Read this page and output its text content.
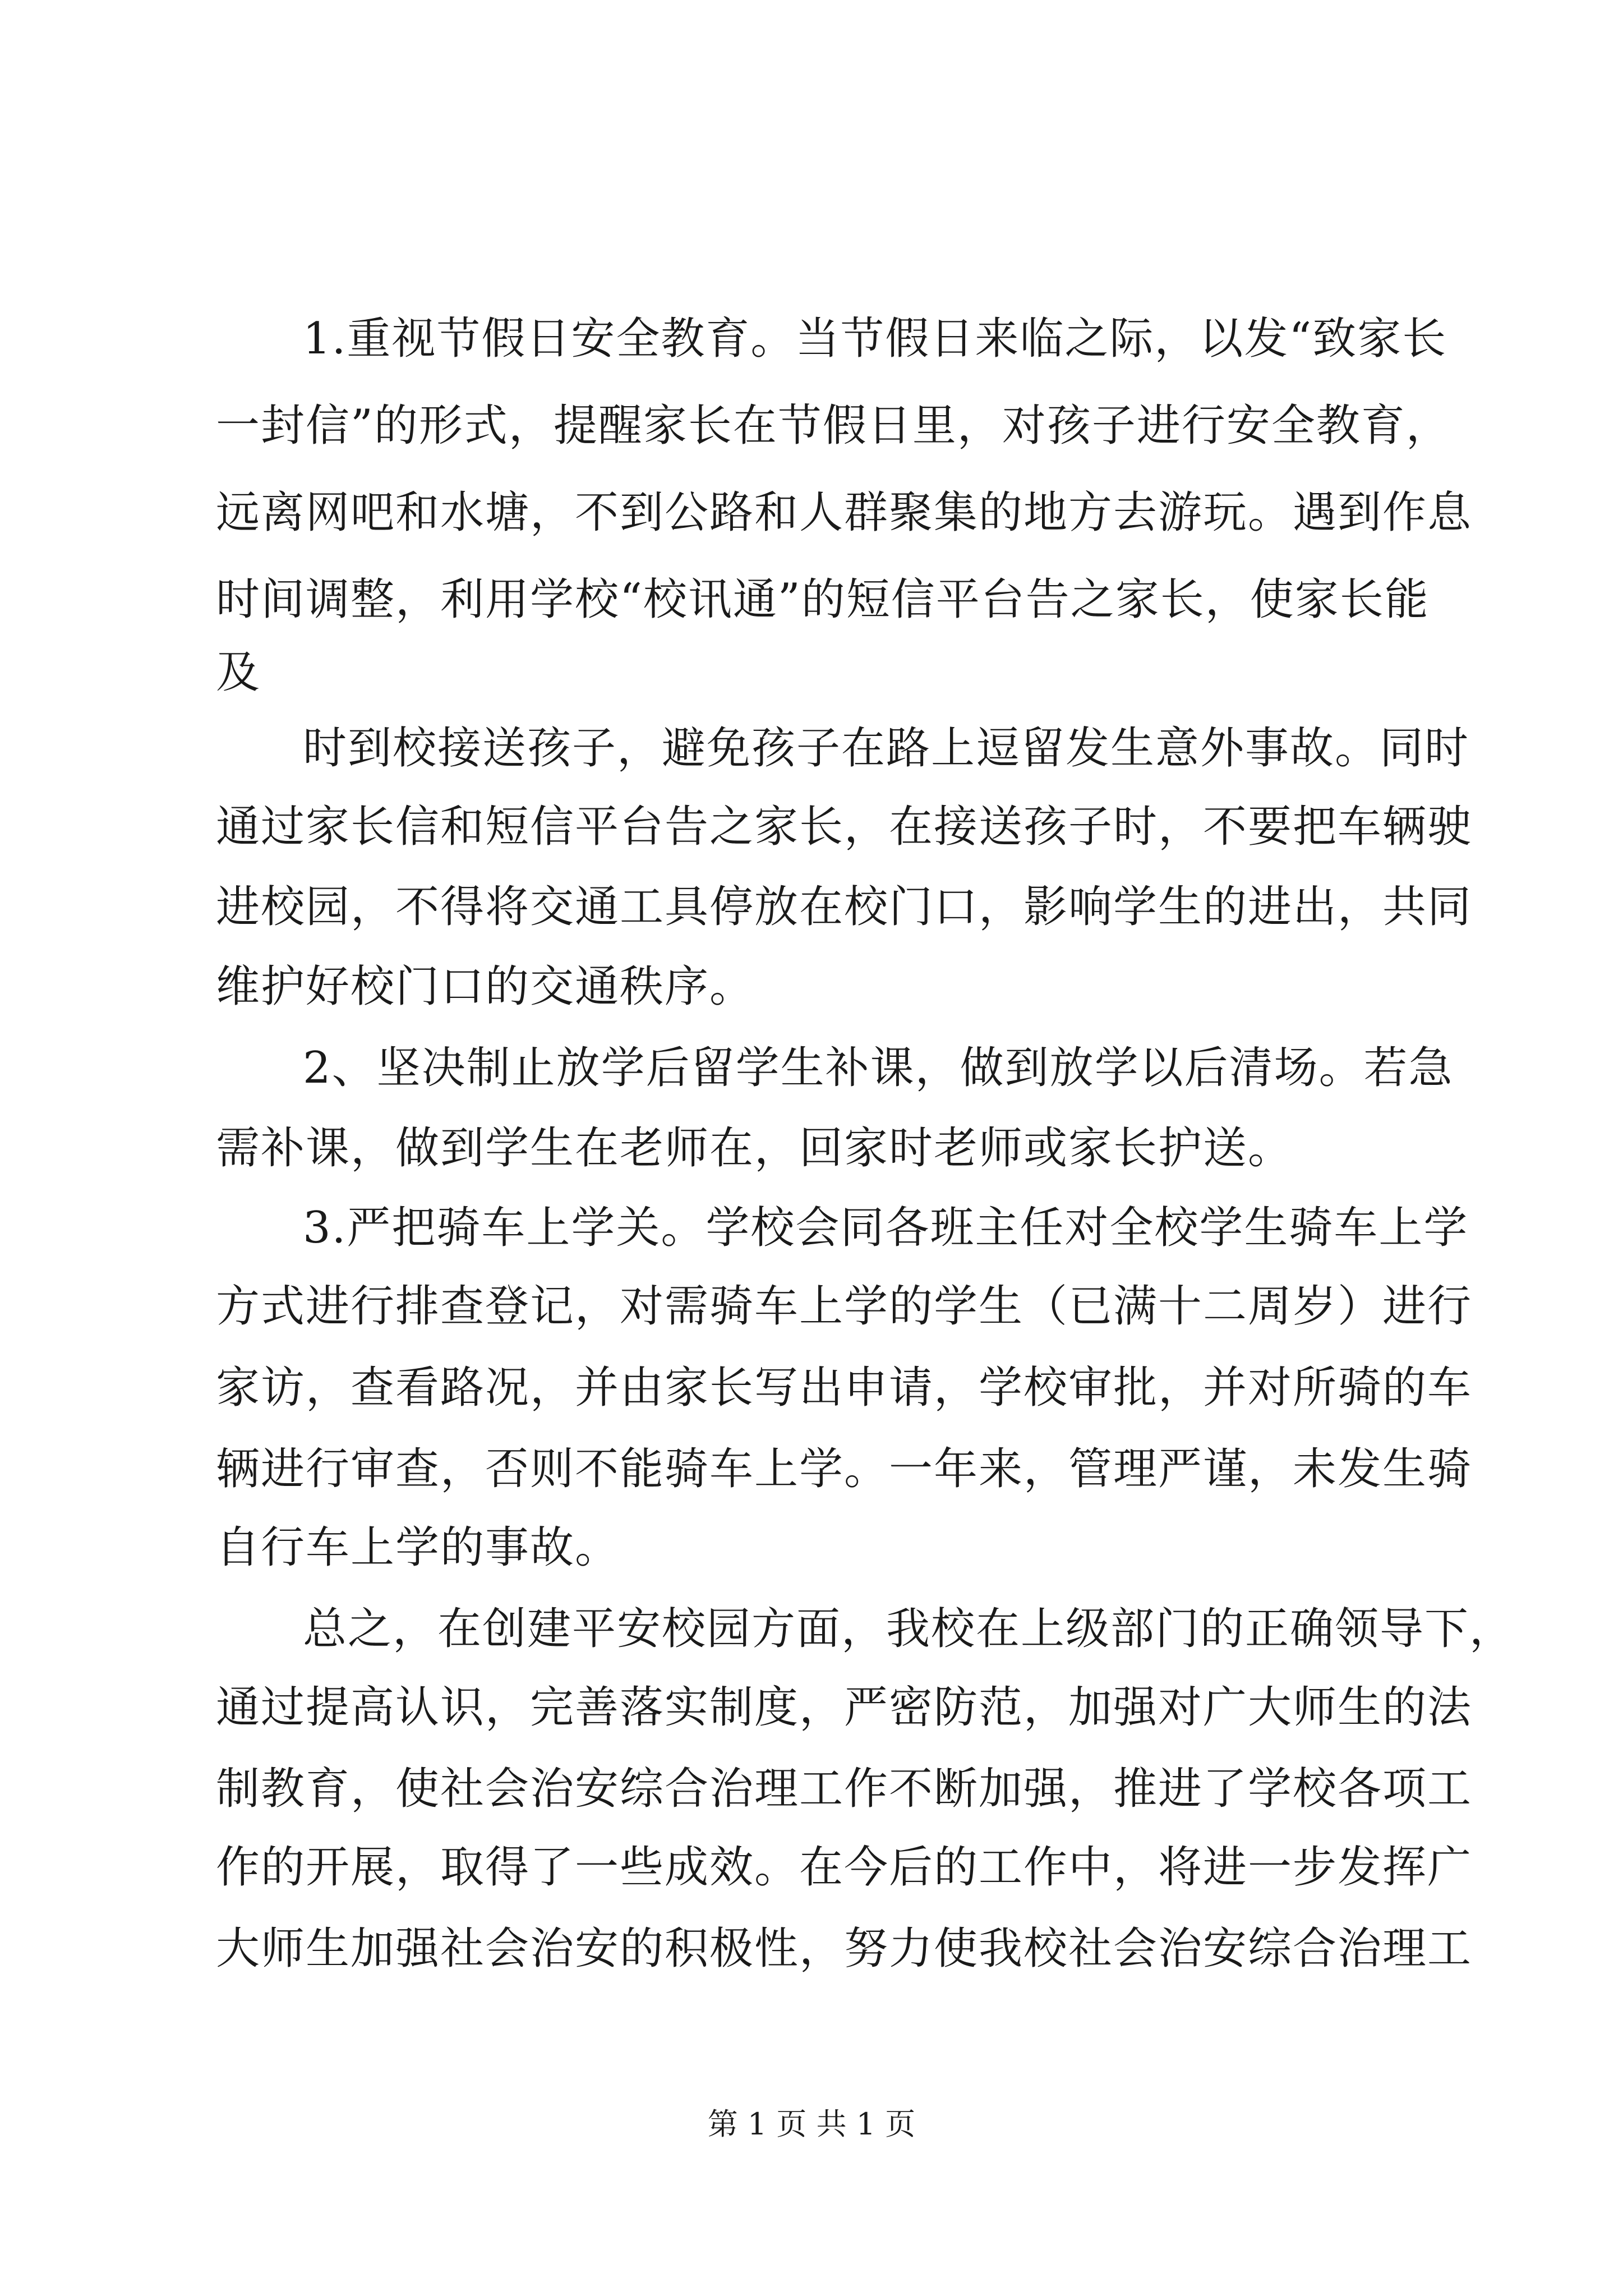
1.重视节假日安全教育。当节假日来临之际，以发“致家长
一封信”的形式，提醒家长在节假日里，对孩子进行安全教育，
远离网吧和水塘，不到公路和人群聚集的地方去游玩。遇到作息
时间调整，利用学校“校讯通”的短信平台告之家长，使家长能
及
时到校接送孩子，避免孩子在路上逗留发生意外事故。同时
通过家长信和短信平台告之家长，在接送孩子时，不要把车辆驶
进校园，不得将交通工具停放在校门口，影响学生的进出，共同
维护好校门口的交通秩序。
2、坚决制止放学后留学生补课，做到放学以后清场。若急
需补课，做到学生在老师在，回家时老师或家长护送。
3.严把骑车上学关。学校会同各班主任对全校学生骑车上学
方式进行排查登记，对需骑车上学的学生（已满十二周岁）进行
家访，查看路况，并由家长写出申请，学校审批，并对所骑的车
辆进行审查，否则不能骑车上学。一年来，管理严谨，未发生骑
自行车上学的事故。
总之，在创建平安校园方面，我校在上级部门的正确领导下，
通过提高认识，完善落实制度，严密防范，加强对广大师生的法
制教育，使社会治安综合治理工作不断加强，推进了学校各项工
作的开展，取得了一些成效。在今后的工作中，将进一步发挥广
大师生加强社会治安的积极性，努力使我校社会治安综合治理工
第 1 页 共 1 页
